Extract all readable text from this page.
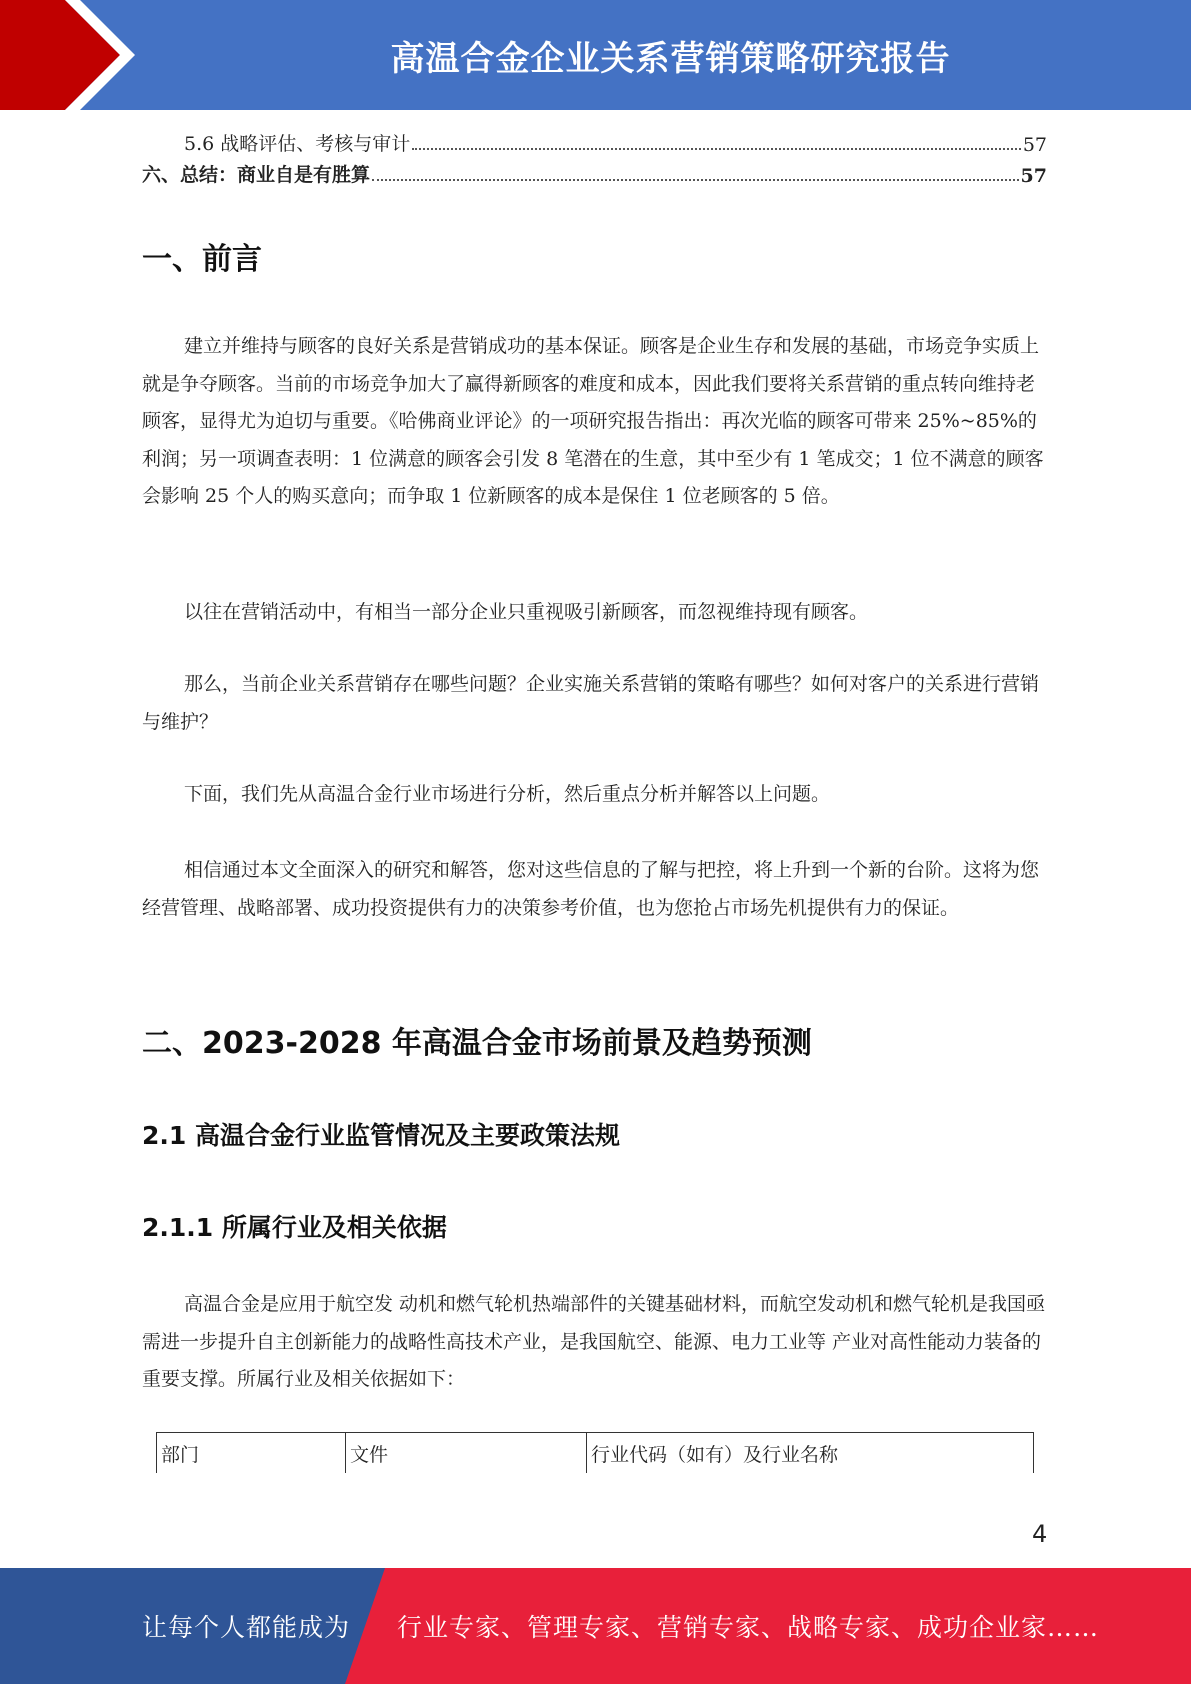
高温合金企业关系营销策略研究报告
5.6 战略评估、考核与审计	57
六、总结：商业自是有胜算	57
一、前言

建立并维持与顾客的良好关系是营销成功的基本保证。顾客是企业生存和发展的基础，市场竞争实质上就是争夺顾客。当前的市场竞争加大了赢得新顾客的难度和成本，因此我们要将关系营销的重点转向维持老顾客，显得尤为迫切与重要。《哈佛商业评论》的一项研究报告指出：再次光临的顾客可带来 25%~85%的利润；另一项调查表明：1 位满意的顾客会引发 8 笔潜在的生意，其中至少有 1 笔成交；1 位不满意的顾客会影响 25 个人的购买意向；而争取 1 位新顾客的成本是保住 1 位老顾客的 5 倍。

以往在营销活动中，有相当一部分企业只重视吸引新顾客，而忽视维持现有顾客。

那么，当前企业关系营销存在哪些问题？企业实施关系营销的策略有哪些？如何对客户的关系进行营销与维护？

下面，我们先从高温合金行业市场进行分析，然后重点分析并解答以上问题。

相信通过本文全面深入的研究和解答，您对这些信息的了解与把控，将上升到一个新的台阶。这将为您经营管理、战略部署、成功投资提供有力的决策参考价值，也为您抢占市场先机提供有力的保证。

二、2023-2028 年高温合金市场前景及趋势预测
2.1 高温合金行业监管情况及主要政策法规
2.1.1 所属行业及相关依据

高温合金是应用于航空发 动机和燃气轮机热端部件的关键基础材料，而航空发动机和燃气轮机是我国亟需进一步提升自主创新能力的战略性高技术产业，是我国航空、能源、电力工业等 产业对高性能动力装备的重要支撑。所属行业及相关依据如下：

部门	文件	行业代码（如有）及行业名称
4
让每个人都能成为 行业专家、管理专家、营销专家、战略专家、成功企业家……
